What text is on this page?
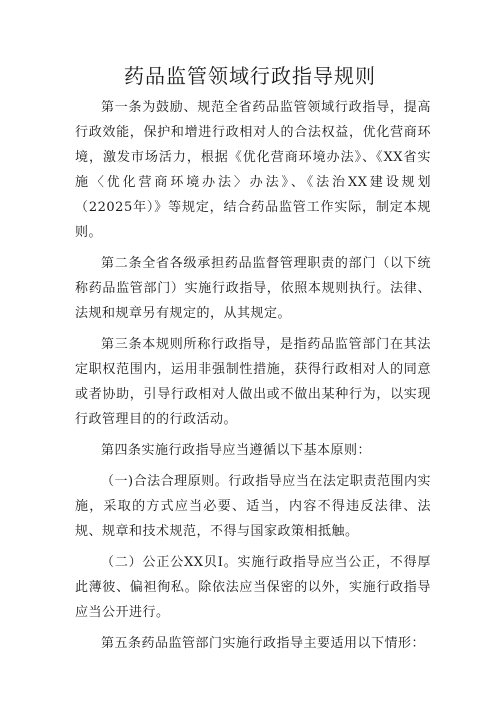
药品监管领域行政指导规则

第一条为鼓励、规范全省药品监管领域行政指导，提高行政效能，保护和增进行政相对人的合法权益，优化营商环境，激发市场活力，根据《优化营商环境办法》、《XX省实施〈优化营商环境办法〉办法》、《法治XX建设规划（22025年）》等规定，结合药品监管工作实际，制定本规则。

第二条全省各级承担药品监督管理职责的部门（以下统称药品监管部门）实施行政指导，依照本规则执行。法律、法规和规章另有规定的，从其规定。

第三条本规则所称行政指导，是指药品监管部门在其法定职权范围内，运用非强制性措施，获得行政相对人的同意或者协助，引导行政相对人做出或不做出某种行为，以实现行政管理目的的行政活动。

第四条实施行政指导应当遵循以下基本原则：

（一)合法合理原则。行政指导应当在法定职责范围内实施，采取的方式应当必要、适当，内容不得违反法律、法规、规章和技术规范，不得与国家政策相抵触。

（二）公正公XX贝I。实施行政指导应当公正，不得厚此薄彼、偏袒徇私。除依法应当保密的以外，实施行政指导应当公开进行。

第五条药品监管部门实施行政指导主要适用以下情形：
